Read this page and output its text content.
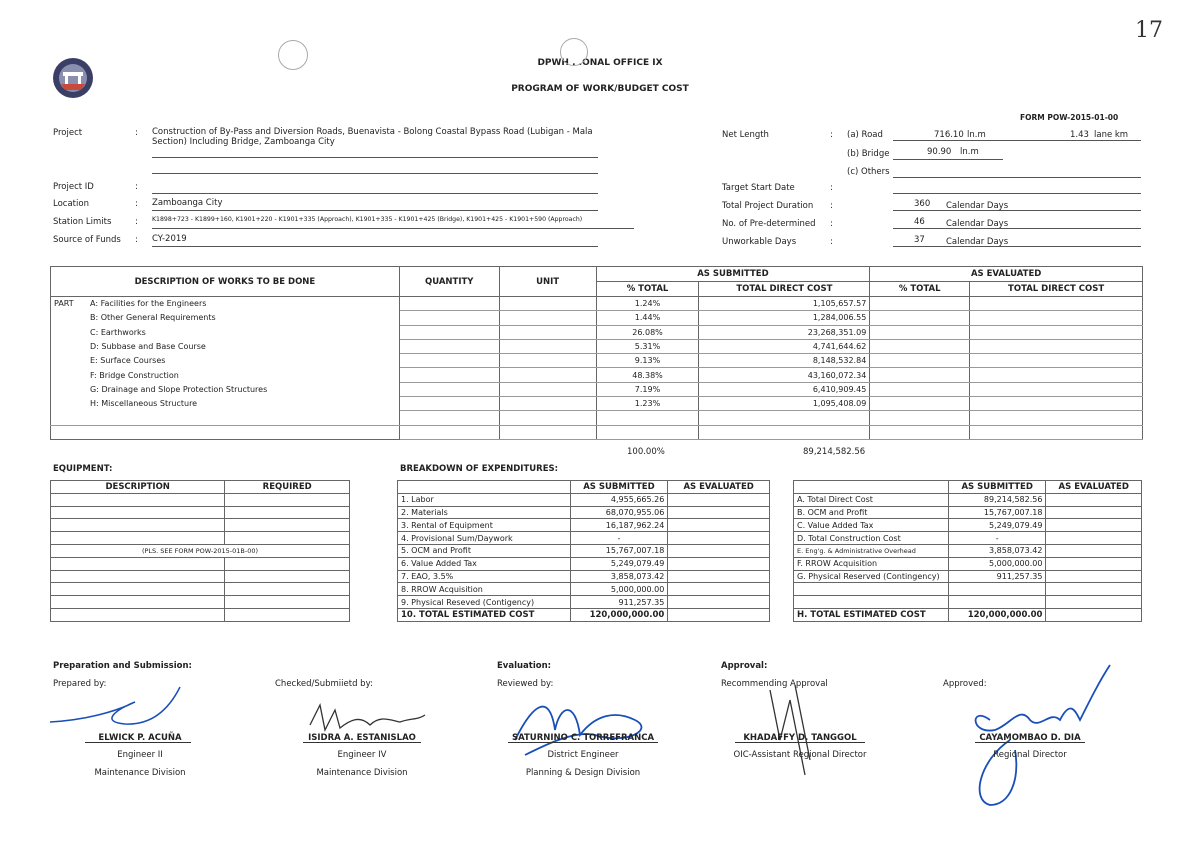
DPWH . .ONAL OFFICE IX
PROGRAM OF WORK/BUDGET COST
FORM POW-2015-01-00
17
Project	: Construction of By-Pass and Diversion Roads, Buenavista - Bolong Coastal Bypass Road (Lubigan - Mala
Section) Including Bridge, Zamboanga City
Project ID	:
Location	: Zamboanga City
Station Limits	: K1898+723 - K1899+160, K1901+220 - K1901+335 (Approach), K1901+335 - K1901+425 (Bridge), K1901+425 - K1901+590 (Approach)
Source of Funds : CY-2019
Net Length	: (a) Road	716.10 ln.m	1.43 lane km
(b) Bridge	90.90 ln.m
(c) Others
Target Start Date	:
Total Project Duration :	360 Calendar Days
No. of Pre-determined :	46 Calendar Days
Unworkable Days	:	37 Calendar Days
DESCRIPTION OF WORKS TO BE DONE	QUANTITY	UNIT	AS SUBMITTED		AS EVALUATED	
			% TOTAL	TOTAL DIRECT COST	% TOTAL	TOTAL DIRECT COST
PART A: Facilities for the Engineers			1.24%	1,105,657.57		
B: Other General Requirements			1.44%	1,284,006.55		
C: Earthworks			26.08%	23,268,351.09		
D: Subbase and Base Course			5.31%	4,741,644.62		
E: Surface Courses			9.13%	8,148,532.84		
F: Bridge Construction			48.38%	43,160,072.34		
G: Drainage and Slope Protection Structures			7.19%	6,410,909.45		
H: Miscellaneous Structure			1.23%	1,095,408.09		

100.00%	89,214,582.56
EQUIPMENT:
DESCRIPTION	REQUIRED

(PLS. SEE FORM POW-2015-01B-00)	

BREAKDOWN OF EXPENDITURES:
	AS SUBMITTED	AS EVALUATED
1. Labor	4,955,665.26	
2. Materials	68,070,955.06	
3. Rental of Equipment	16,187,962.24	
4. Provisional Sum/Daywork	-	
5. OCM and Profit	15,767,007.18	
6. Value Added Tax	5,249,079.49	
7. EAO, 3.5%	3,858,073.42	
8. RROW Acquisition	5,000,000.00	
9. Physical Reseved (Contigency)	911,257.35	
10. TOTAL ESTIMATED COST	120,000,000.00	
	AS SUBMITTED	AS EVALUATED
A. Total Direct Cost	89,214,582.56	
B. OCM and Profit	15,767,007.18	
C. Value Added Tax	5,249,079.49	
D. Total Construction Cost	-	
E. Eng'g. & Administrative Overhead	3,858,073.42	
F. RROW Acquisition	5,000,000.00	
G. Physical Reserved (Contingency)	911,257.35	

H. TOTAL ESTIMATED COST	120,000,000.00	
Preparation and Submission:	Evaluation:	Approval:
Prepared by:	Checked/Submiietd by:	Reviewed by:	Recommending Approval	Approved:
ELWICK P. ACUÑA
Engineer II
Maintenance Division
ISIDRA A. ESTANISLAO
Engineer IV
Maintenance Division
SATURNINO C. TORREFRANCA
District Engineer
Planning & Design Division
KHADAFFY D. TANGGOL
OIC-Assistant Regional Director
CAYAMOMBAO D. DIA
Regional Director
